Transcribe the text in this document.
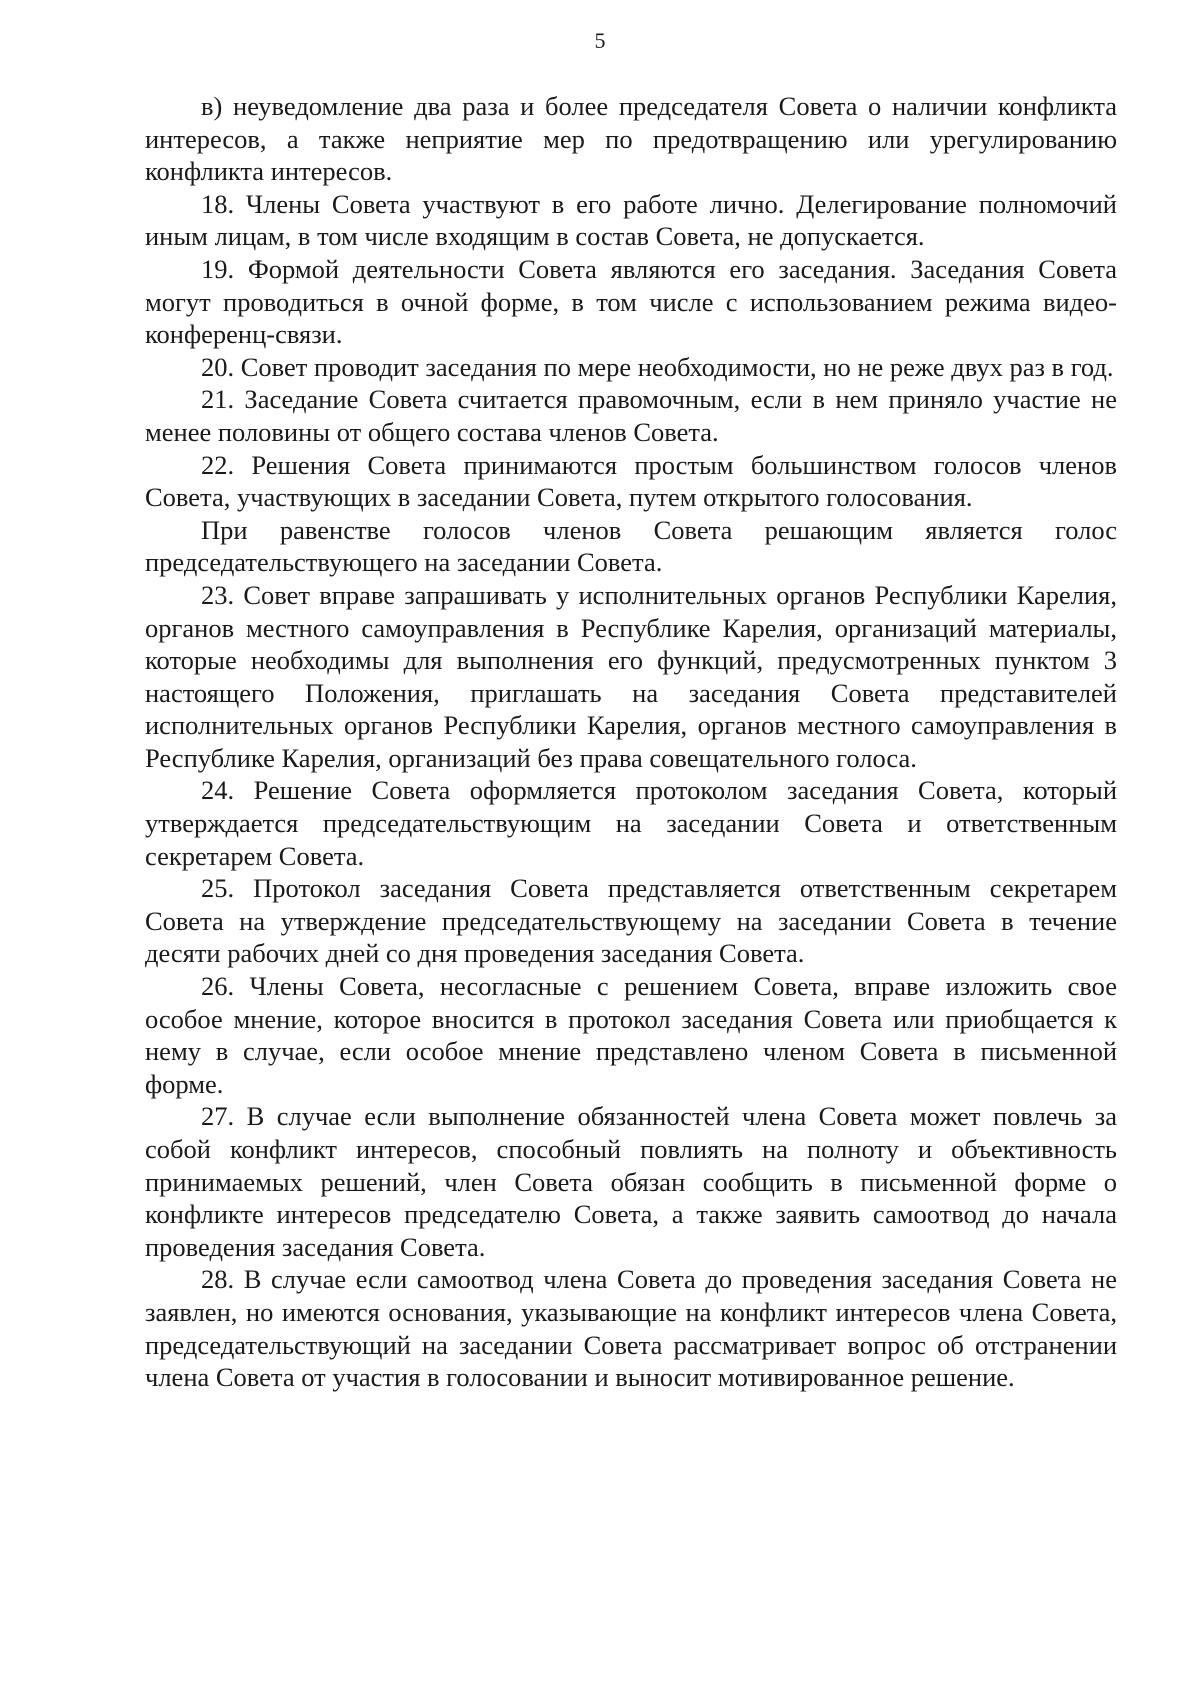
5

в) неуведомление два раза и более председателя Совета о наличии конфликта интересов, а также неприятие мер по предотвращению или урегулированию конфликта интересов.

18. Члены Совета участвуют в его работе лично. Делегирование полномочий иным лицам, в том числе входящим в состав Совета, не допускается.

19. Формой деятельности Совета являются его заседания. Заседания Совета могут проводиться в очной форме, в том числе с использованием режима видео-конференц-связи.

20. Совет проводит заседания по мере необходимости, но не реже двух раз в год.

21. Заседание Совета считается правомочным, если в нем приняло участие не менее половины от общего состава членов Совета.

22. Решения Совета принимаются простым большинством голосов членов Совета, участвующих в заседании Совета, путем открытого голосования.

При равенстве голосов членов Совета решающим является голос председательствующего на заседании Совета.

23. Совет вправе запрашивать у исполнительных органов Республики Карелия, органов местного самоуправления в Республике Карелия, организаций материалы, которые необходимы для выполнения его функций, предусмотренных пунктом 3 настоящего Положения, приглашать на заседания Совета представителей исполнительных органов Республики Карелия, органов местного самоуправления в Республике Карелия, организаций без права совещательного голоса.

24. Решение Совета оформляется протоколом заседания Совета, который утверждается председательствующим на заседании Совета и ответственным секретарем Совета.

25. Протокол заседания Совета представляется ответственным секретарем Совета на утверждение председательствующему на заседании Совета в течение десяти рабочих дней со дня проведения заседания Совета.

26. Члены Совета, несогласные с решением Совета, вправе изложить свое особое мнение, которое вносится в протокол заседания Совета или приобщается к нему в случае, если особое мнение представлено членом Совета в письменной форме.

27. В случае если выполнение обязанностей члена Совета может повлечь за собой конфликт интересов, способный повлиять на полноту и объективность принимаемых решений, член Совета обязан сообщить в письменной форме о конфликте интересов председателю Совета, а также заявить самоотвод до начала проведения заседания Совета.

28. В случае если самоотвод члена Совета до проведения заседания Совета не заявлен, но имеются основания, указывающие на конфликт интересов члена Совета, председательствующий на заседании Совета рассматривает вопрос об отстранении члена Совета от участия в голосовании и выносит мотивированное решение.
